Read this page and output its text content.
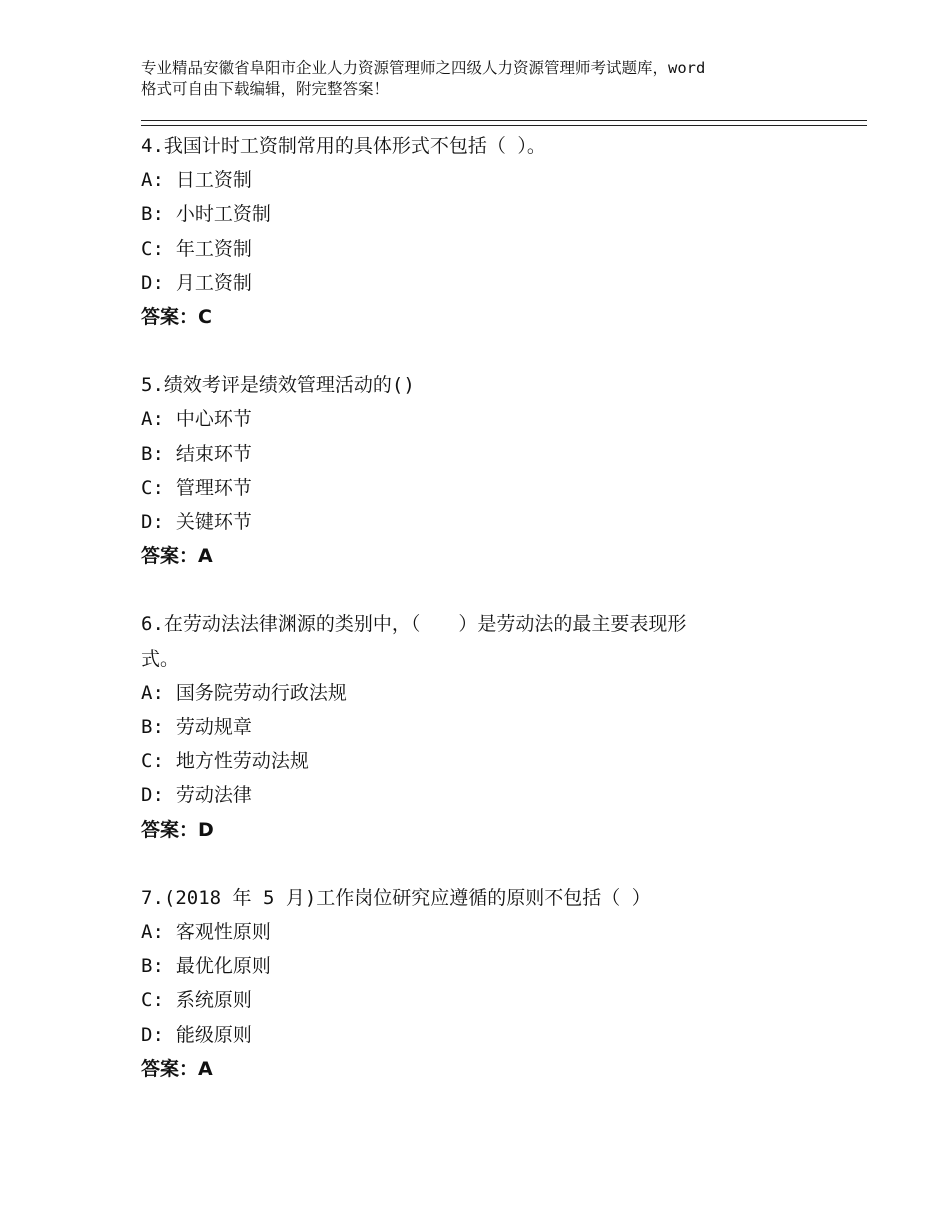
专业精品安徽省阜阳市企业人力资源管理师之四级人力资源管理师考试题库，word
格式可自由下载编辑，附完整答案！
4.我国计时工资制常用的具体形式不包括（ ）。
A: 日工资制
B: 小时工资制
C: 年工资制
D: 月工资制
答案：C
5.绩效考评是绩效管理活动的()
A: 中心环节
B: 结束环节
C: 管理环节
D: 关键环节
答案：A
6.在劳动法法律渊源的类别中，（　　）是劳动法的最主要表现形
式。
A: 国务院劳动行政法规
B: 劳动规章
C: 地方性劳动法规
D: 劳动法律
答案：D
7.(2018 年 5 月)工作岗位研究应遵循的原则不包括（ ）
A: 客观性原则
B: 最优化原则
C: 系统原则
D: 能级原则
答案：A
